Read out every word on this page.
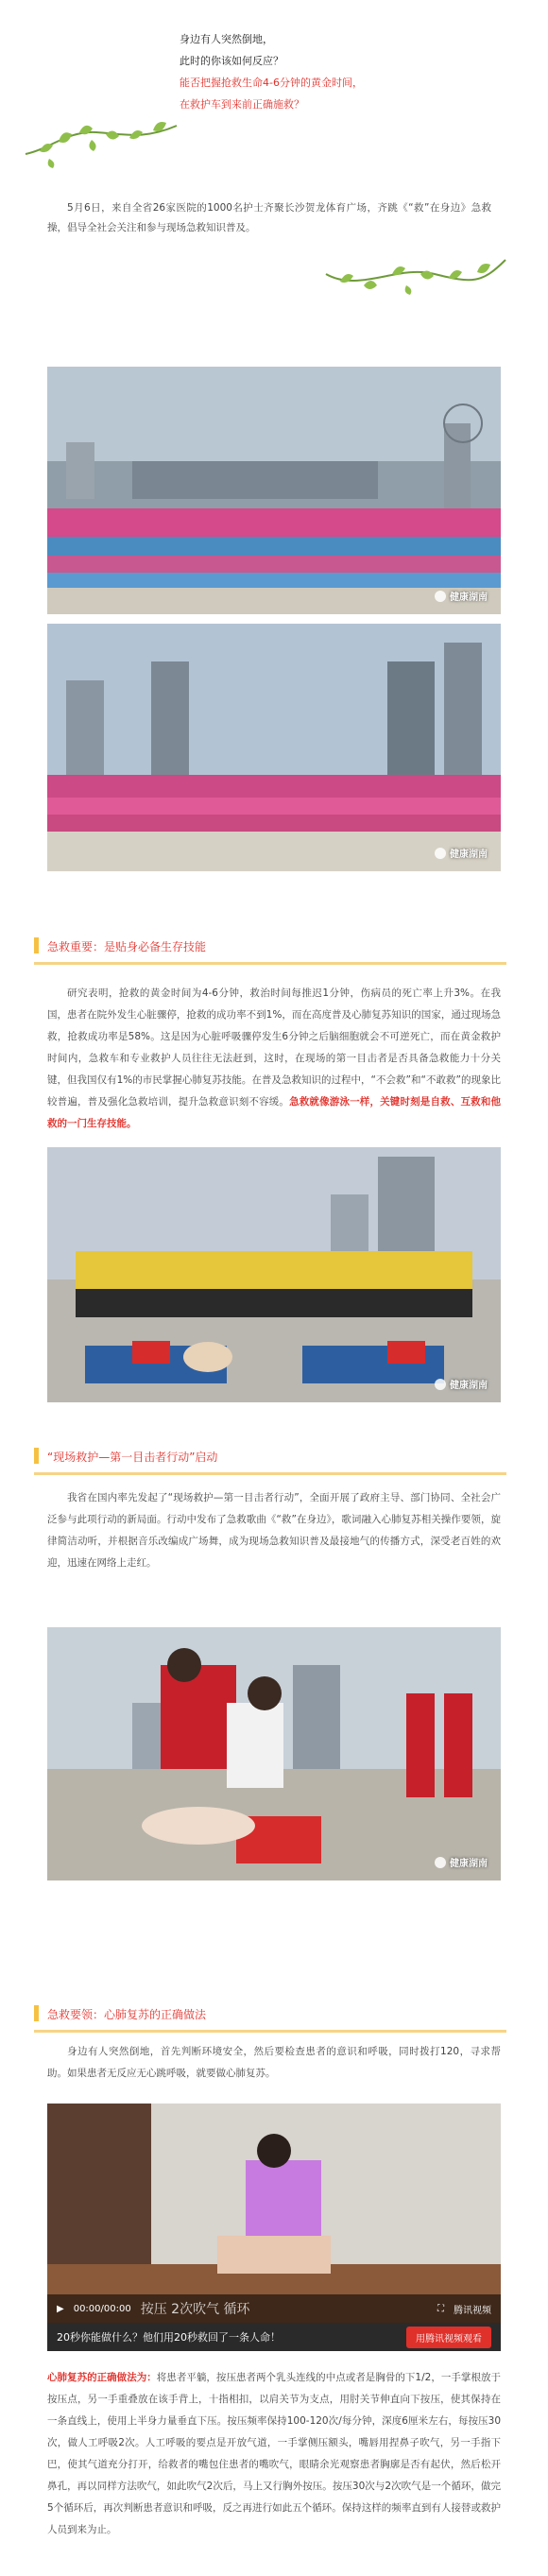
身边有人突然倒地，
此时的你该如何反应？
能否把握抢救生命4-6分钟的黄金时间，
在救护车到来前正确施救？
5月6日，来自全省26家医院的1000名护士齐聚长沙贺龙体育广场，齐跳《“救”在身边》急救操，倡导全社会关注和参与现场急救知识普及。
健康湖南
健康湖南
急救重要：是贴身必备生存技能
研究表明，抢救的黄金时间为4-6分钟，救治时间每推迟1分钟，伤病员的死亡率上升3%。在我国，患者在院外发生心脏骤停，抢救的成功率不到1%，而在高度普及心肺复苏知识的国家，通过现场急救，抢救成功率是58%。这是因为心脏呼吸骤停发生6分钟之后脑细胞就会不可逆死亡，而在黄金救护时间内，急救车和专业救护人员往往无法赶到，这时，在现场的第一目击者是否具备急救能力十分关键，但我国仅有1%的市民掌握心肺复苏技能。在普及急救知识的过程中，“不会救”和“不敢救”的现象比较普遍，普及强化急救培训，提升急救意识刻不容缓。急救就像游泳一样，关键时刻是自救、互救和他救的一门生存技能。
健康湖南
“现场救护—第一目击者行动”启动
我省在国内率先发起了“现场救护—第一目击者行动”，全面开展了政府主导、部门协同、全社会广泛参与此项行动的新局面。行动中发布了急救歌曲《“救”在身边》，歌词融入心肺复苏相关操作要领，旋律简洁动听，并根据音乐改编成广场舞，成为现场急救知识普及最接地气的传播方式，深受老百姓的欢迎，迅速在网络上走红。
健康湖南
急救要领：心肺复苏的正确做法
身边有人突然倒地，首先判断环境安全，然后要检查患者的意识和呼吸，同时拨打120，寻求帮助。如果患者无反应无心跳呼吸，就要做心肺复苏。
▶ 00:00/00:00 按压 2次吹气 循环	⛶ 腾讯视频
20秒你能做什么？他们用20秒救回了一条人命！	用腾讯视频观看
心肺复苏的正确做法为：将患者平躺，按压患者两个乳头连线的中点或者是胸骨的下1/2，一手掌根放于按压点，另一手重叠放在该手背上，十指相扣，以肩关节为支点，用肘关节伸直向下按压，使其保持在一条直线上，使用上半身力量垂直下压。按压频率保持100-120次/每分钟，深度6厘米左右，每按压30次，做人工呼吸2次。人工呼吸的要点是开放气道，一手掌侧压额头，嘴唇用捏鼻子吹气，另一手指下巴，使其气道充分打开，给救者的嘴包住患者的嘴吹气，眼睛余光观察患者胸廓是否有起伏，然后松开鼻孔，再以同样方法吹气，如此吹气2次后，马上又行胸外按压。按压30次与2次吹气是一个循环，做完5个循环后，再次判断患者意识和呼吸，反之再进行如此五个循环。保持这样的频率直到有人接替或救护人员到来为止。
